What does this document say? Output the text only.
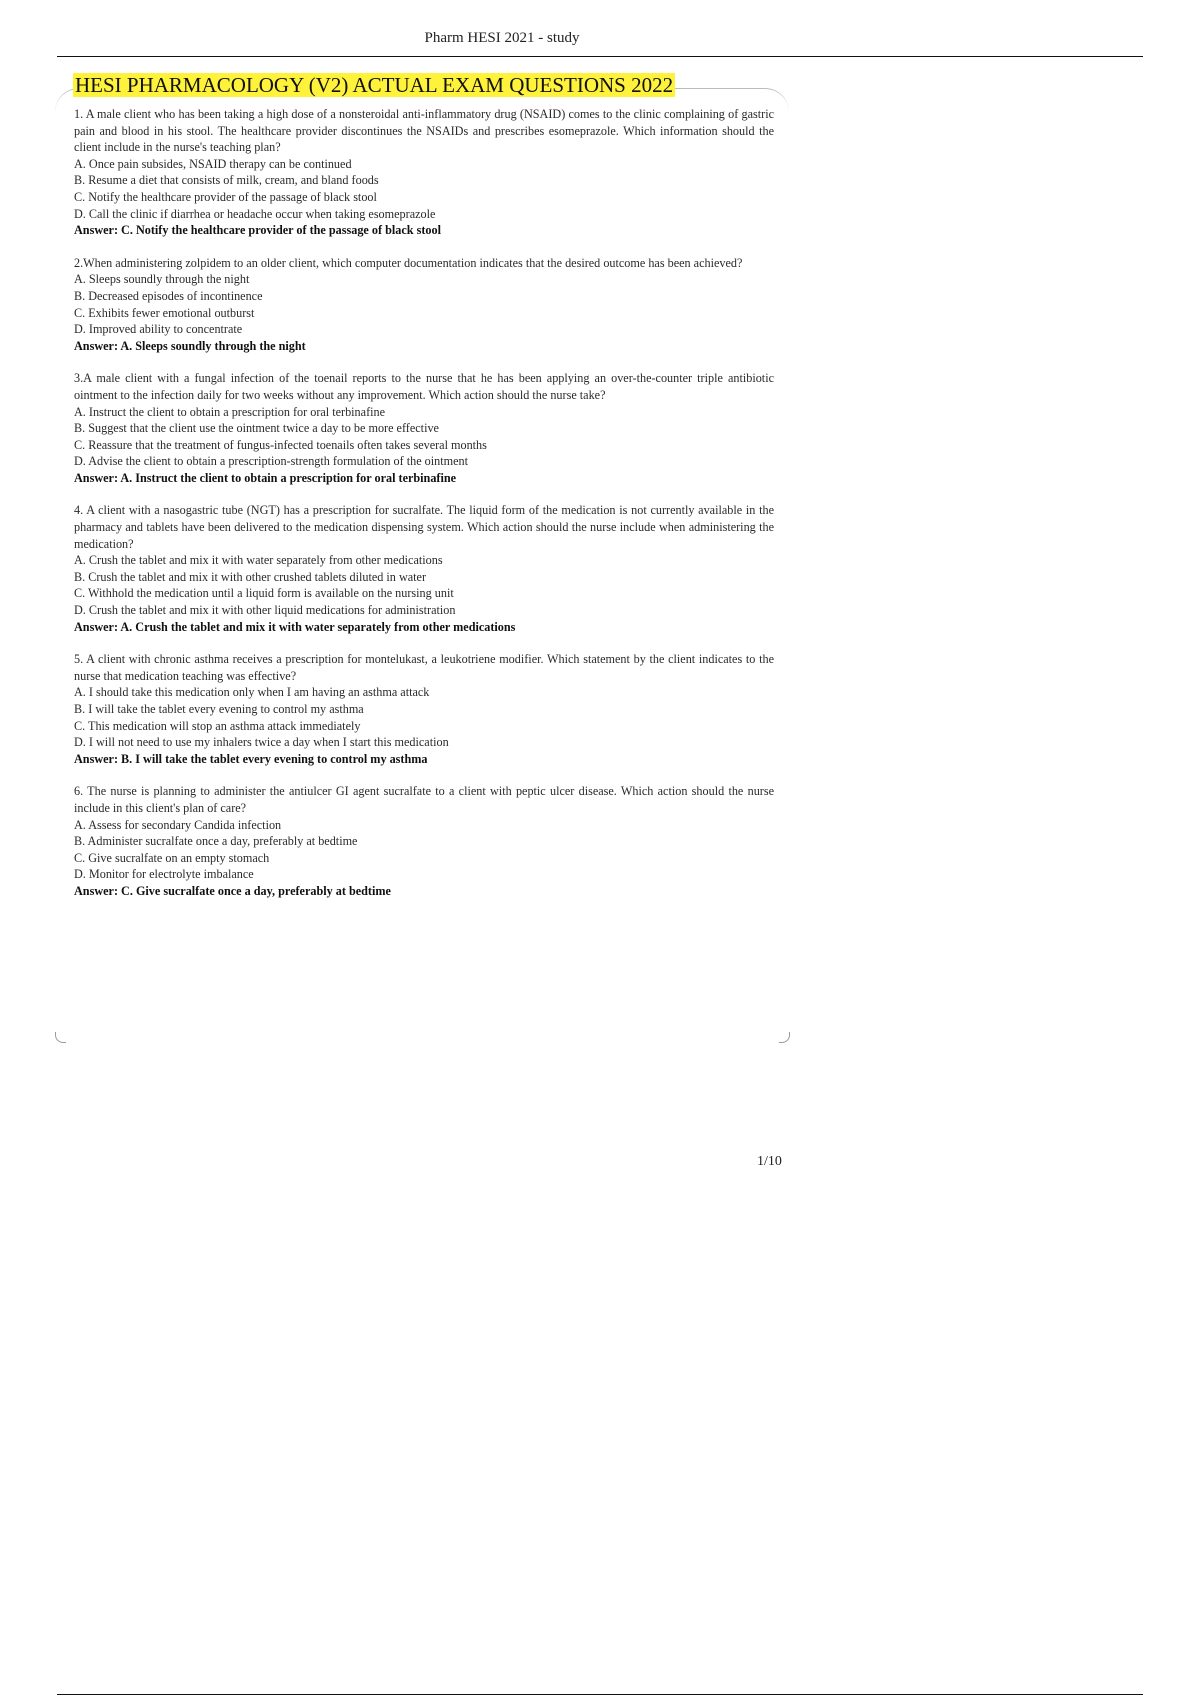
Pharm HESI 2021 - study
HESI PHARMACOLOGY (V2) ACTUAL EXAM QUESTIONS 2022

1. A male client who has been taking a high dose of a nonsteroidal anti-inflammatory drug (NSAID) comes to the clinic complaining of gastric pain and blood in his stool. The healthcare provider discontinues the NSAIDs and prescribes esomeprazole. Which information should the client include in the nurse's teaching plan?

A. Once pain subsides, NSAID therapy can be continued
B. Resume a diet that consists of milk, cream, and bland foods
C. Notify the healthcare provider of the passage of black stool
D. Call the clinic if diarrhea or headache occur when taking esomeprazole

Answer: C. Notify the healthcare provider of the passage of black stool

2.When administering zolpidem to an older client, which computer documentation indicates that the desired outcome has been achieved?

A. Sleeps soundly through the night
B. Decreased episodes of incontinence
C. Exhibits fewer emotional outburst
D. Improved ability to concentrate

Answer: A. Sleeps soundly through the night

3.A male client with a fungal infection of the toenail reports to the nurse that he has been applying an over-the-counter triple antibiotic ointment to the infection daily for two weeks without any improvement. Which action should the nurse take?

A. Instruct the client to obtain a prescription for oral terbinafine
B. Suggest that the client use the ointment twice a day to be more effective
C. Reassure that the treatment of fungus-infected toenails often takes several months
D. Advise the client to obtain a prescription-strength formulation of the ointment

Answer: A. Instruct the client to obtain a prescription for oral terbinafine

4. A client with a nasogastric tube (NGT) has a prescription for sucralfate. The liquid form of the medication is not currently available in the pharmacy and tablets have been delivered to the medication dispensing system. Which action should the nurse include when administering the medication?

A. Crush the tablet and mix it with water separately from other medications
B. Crush the tablet and mix it with other crushed tablets diluted in water
C. Withhold the medication until a liquid form is available on the nursing unit
D. Crush the tablet and mix it with other liquid medications for administration

Answer: A. Crush the tablet and mix it with water separately from other medications

5. A client with chronic asthma receives a prescription for montelukast, a leukotriene modifier. Which statement by the client indicates to the nurse that medication teaching was effective?

A. I should take this medication only when I am having an asthma attack
B. I will take the tablet every evening to control my asthma
C. This medication will stop an asthma attack immediately
D. I will not need to use my inhalers twice a day when I start this medication

Answer: B. I will take the tablet every evening to control my asthma

6. The nurse is planning to administer the antiulcer GI agent sucralfate to a client with peptic ulcer disease. Which action should the nurse include in this client's plan of care?

A. Assess for secondary Candida infection
B. Administer sucralfate once a day, preferably at bedtime
C. Give sucralfate on an empty stomach
D. Monitor for electrolyte imbalance

Answer: C. Give sucralfate once a day, preferably at bedtime

1/10
